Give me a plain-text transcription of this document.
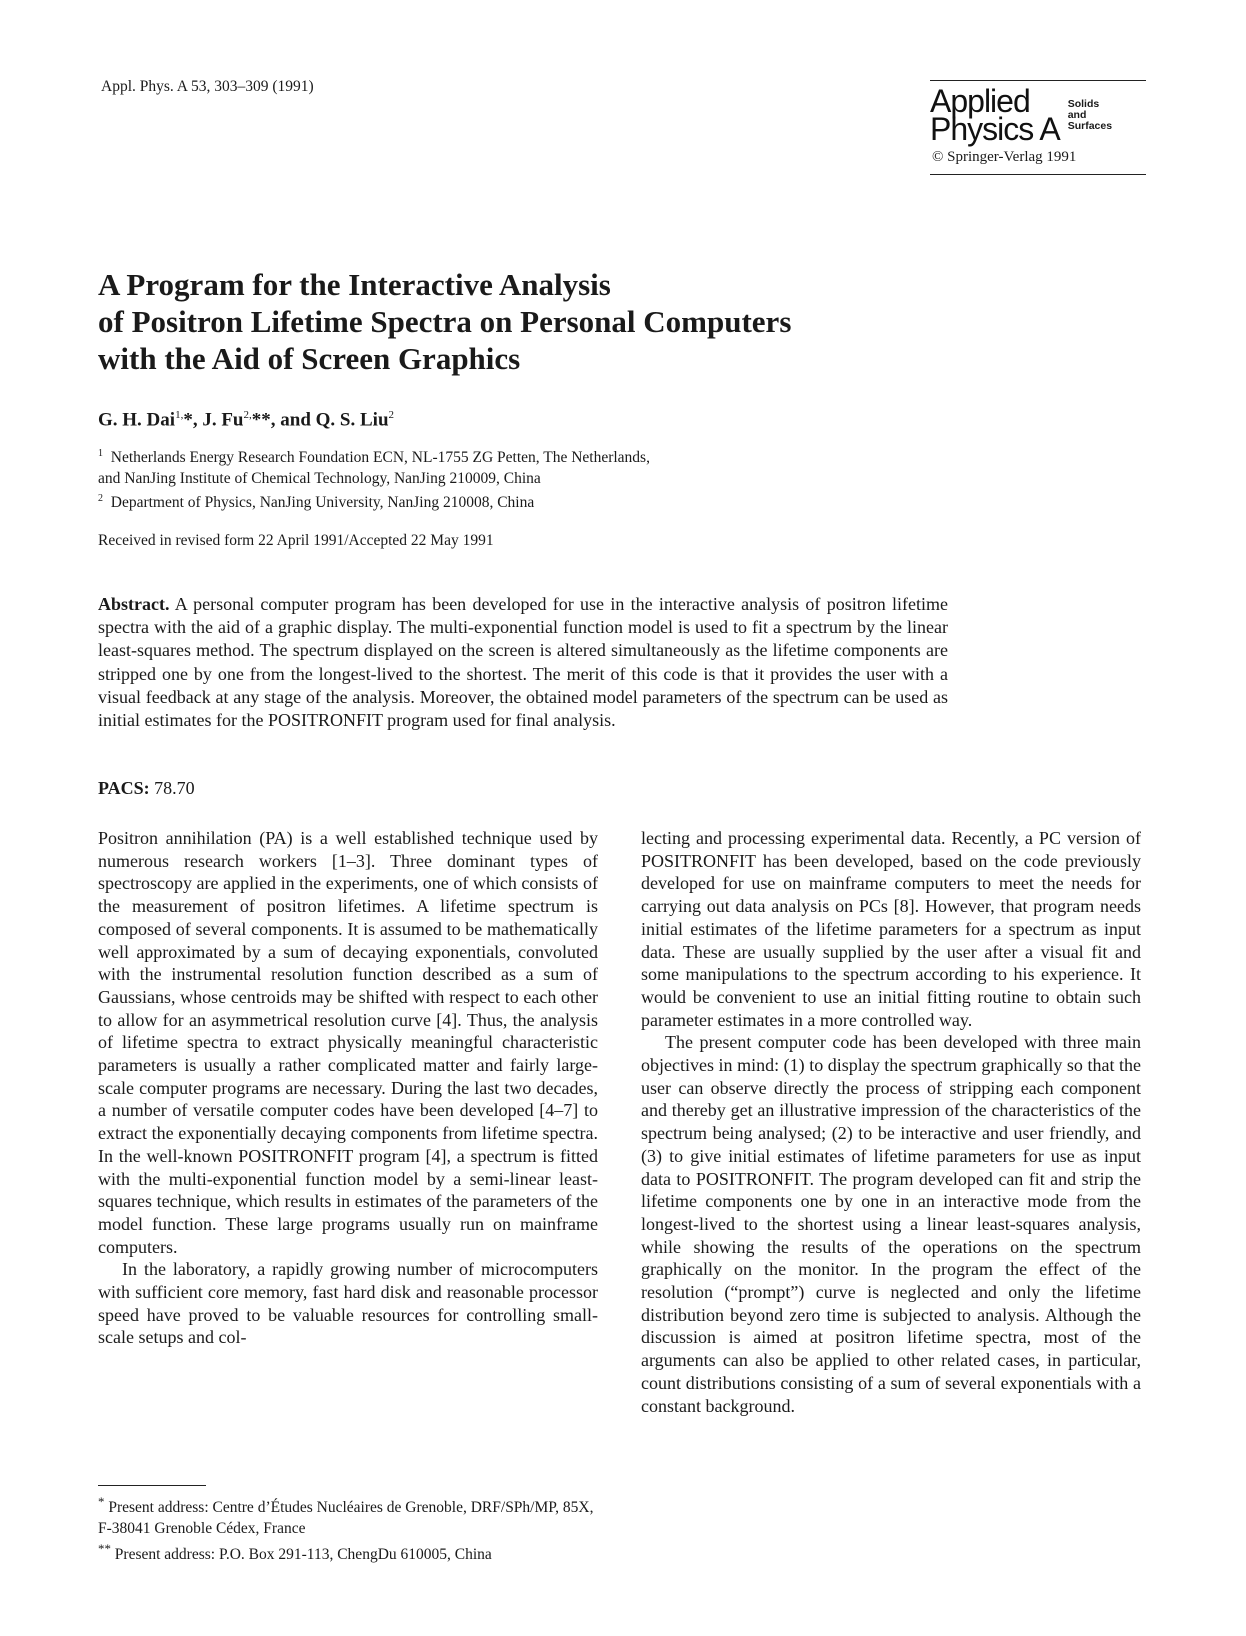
Appl. Phys. A 53, 303–309 (1991)	Applied
Physics A
Solids
and
Surfaces
© Springer-Verlag 1991
A Program for the Interactive Analysis
of Positron Lifetime Spectra on Personal Computers
with the Aid of Screen Graphics
G. H. Dai$^{1,}$*, J. $Fu^{2,}**$, and Q. S. Liu$^2$
$^1$ Netherlands Energy Research Foundation ECN, NL-1755 ZG Petten, The Netherlands,
and NanJing Institute of Chemical Technology, NanJing 210009, China
$^2$ Department of Physics, NanJing University, NanJing 210008, China
Received in revised form 22 April 1991/Accepted 22 May 1991
Abstract. A personal computer program has been developed for use in the interactive analysis of positron lifetime spectra with the aid of a graphic display. The multi-exponential function model is used to fit a spectrum by the linear least-squares method. The spectrum displayed on the screen is altered simultaneously as the lifetime components are stripped one by one from the longest-lived to the shortest. The merit of this code is that it provides the user with a visual feedback at any stage of the analysis. Moreover, the obtained model parameters of the spectrum can be used as initial estimates for the POSITRONFIT program used for final analysis.
PACS: 78.70

Positron annihilation (PA) is a well established technique used by numerous research workers [1–3]. Three dominant types of spectroscopy are applied in the experiments, one of which consists of the measurement of positron lifetimes. A lifetime spectrum is composed of several components. It is assumed to be mathematically well approximated by a sum of decaying exponentials, convoluted with the instrumental resolution function described as a sum of Gaussians, whose centroids may be shifted with respect to each other to allow for an asymmetrical resolution curve [4]. Thus, the analysis of lifetime spectra to extract physically meaningful characteristic parameters is usually a rather complicated matter and fairly large-scale computer programs are necessary. During the last two decades, a number of versatile computer codes have been developed [4–7] to extract the exponentially decaying components from lifetime spectra. In the well-known POSITRONFIT program [4], a spectrum is fitted with the multi-exponential function model by a semi-linear least-squares technique, which results in estimates of the parameters of the model function. These large programs usually run on mainframe computers.

In the laboratory, a rapidly growing number of microcomputers with sufficient core memory, fast hard disk and reasonable processor speed have proved to be valuable resources for controlling small-scale setups and col-

lecting and processing experimental data. Recently, a PC version of POSITRONFIT has been developed, based on the code previously developed for use on mainframe computers to meet the needs for carrying out data analysis on PCs [8]. However, that program needs initial estimates of the lifetime parameters for a spectrum as input data. These are usually supplied by the user after a visual fit and some manipulations to the spectrum according to his experience. It would be convenient to use an initial fitting routine to obtain such parameter estimates in a more controlled way.

The present computer code has been developed with three main objectives in mind: (1) to display the spectrum graphically so that the user can observe directly the process of stripping each component and thereby get an illustrative impression of the characteristics of the spectrum being analysed; (2) to be interactive and user friendly, and (3) to give initial estimates of lifetime parameters for use as input data to POSITRONFIT. The program developed can fit and strip the lifetime components one by one in an interactive mode from the longest-lived to the shortest using a linear least-squares analysis, while showing the results of the operations on the spectrum graphically on the monitor. In the program the effect of the resolution (“prompt”) curve is neglected and only the lifetime distribution beyond zero time is subjected to analysis. Although the discussion is aimed at positron lifetime spectra, most of the arguments can also be applied to other related cases, in particular, count distributions consisting of a sum of several exponentials with a constant background.

* Present address: Centre d’Études Nucléaires de Grenoble, DRF/SPh/MP, 85X, F-38041 Grenoble Cédex, France
** Present address: P.O. Box 291-113, ChengDu 610005, China
